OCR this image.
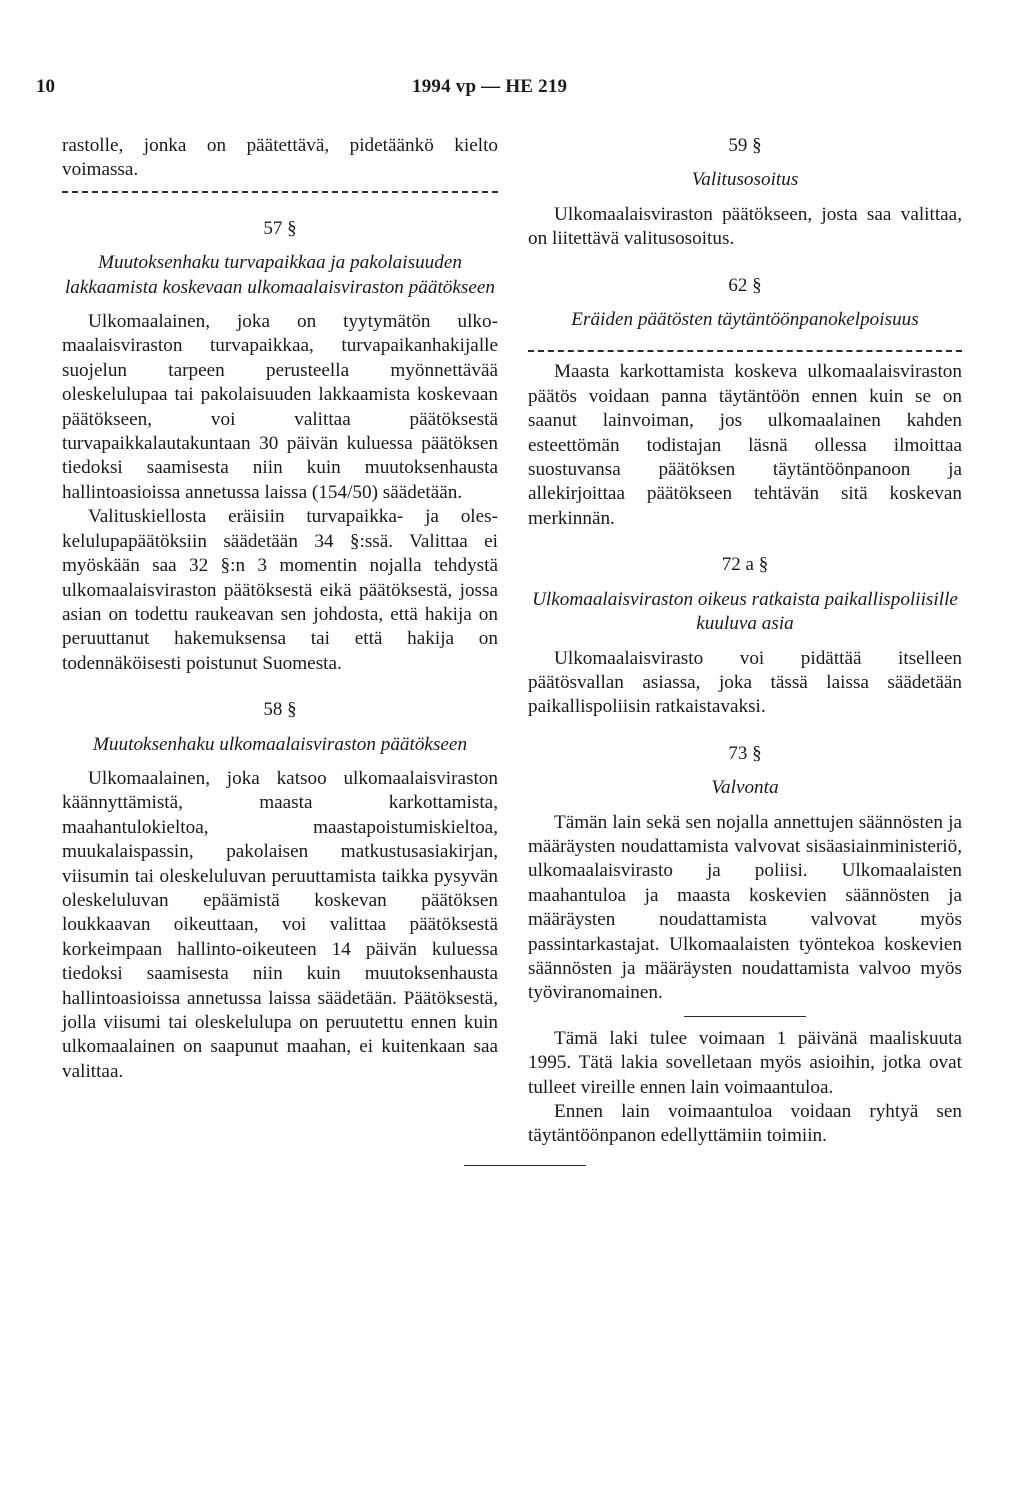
10	1994 vp — HE 219

rastolle, jonka on päätettävä, pidetäänkö kielto voimassa.

57 §

Muutoksenhaku turvapaikkaa ja pakolaisuuden lakkaamista koskevaan ulkomaalaisviraston päätökseen

Ulkomaalainen, joka on tyytymätön ulkomaalaisviraston turvapaikkaa, turvapaikanhakijalle suojelun tarpeen perusteella myönnettävää oleskelulupaa tai pakolaisuuden lakkaamista koskevaan päätökseen, voi valittaa päätöksestä turvapaikkalautakuntaan 30 päivän kuluessa päätöksen tiedoksi saamisesta niin kuin muutoksenhausta hallintoasioissa annetussa laissa (154/50) säädetään.

Valituskiellosta eräisiin turvapaikka- ja oleskelulupapäätöksiin säädetään 34 §:ssä. Valittaa ei myöskään saa 32 §:n 3 momentin nojalla tehdystä ulkomaalaisviraston päätöksestä eikä päätöksestä, jossa asian on todettu raukeavan sen johdosta, että hakija on peruuttanut hakemuksensa tai että hakija on todennäköisesti poistunut Suomesta.

58 §

Muutoksenhaku ulkomaalaisviraston päätökseen

Ulkomaalainen, joka katsoo ulkomaalaisviraston käännyttämistä, maasta karkottamista, maahantulokieltoa, maastapoistumiskieltoa, muukalaispassin, pakolaisen matkustusasiakirjan, viisumin tai oleskeluluvan peruuttamista taikka pysyvän oleskeluluvan epäämistä koskevan päätöksen loukkaavan oikeuttaan, voi valittaa päätöksestä korkeimpaan hallinto-oikeuteen 14 päivän kuluessa tiedoksi saamisesta niin kuin muutoksenhausta hallintoasioissa annetussa laissa säädetään. Päätöksestä, jolla viisumi tai oleskelulupa on peruutettu ennen kuin ulkomaalainen on saapunut maahan, ei kuitenkaan saa valittaa.

59 §

Valitusosoitus

Ulkomaalaisviraston päätökseen, josta saa valittaa, on liitettävä valitusosoitus.

62 §

Eräiden päätösten täytäntöönpanokelpoisuus

Maasta karkottamista koskeva ulkomaalaisviraston päätös voidaan panna täytäntöön ennen kuin se on saanut lainvoiman, jos ulkomaalainen kahden esteettömän todistajan läsnä ollessa ilmoittaa suostuvansa päätöksen täytäntöönpanoon ja allekirjoittaa päätökseen tehtävän sitä koskevan merkinnän.

72 a §

Ulkomaalaisviraston oikeus ratkaista paikallispoliisille kuuluva asia

Ulkomaalaisvirasto voi pidättää itselleen päätösvallan asiassa, joka tässä laissa säädetään paikallispoliisin ratkaistavaksi.

73 §

Valvonta

Tämän lain sekä sen nojalla annettujen säännösten ja määräysten noudattamista valvovat sisäasiainministeriö, ulkomaalaisvirasto ja poliisi. Ulkomaalaisten maahantuloa ja maasta koskevien säännösten ja määräysten noudattamista valvovat myös passintarkastajat. Ulkomaalaisten työntekoa koskevien säännösten ja määräysten noudattamista valvoo myös työviranomainen.

Tämä laki tulee voimaan 1 päivänä maaliskuuta 1995. Tätä lakia sovelletaan myös asioihin, jotka ovat tulleet vireille ennen lain voimaantuloa.

Ennen lain voimaantuloa voidaan ryhtyä sen täytäntöönpanon edellyttämiin toimiin.
